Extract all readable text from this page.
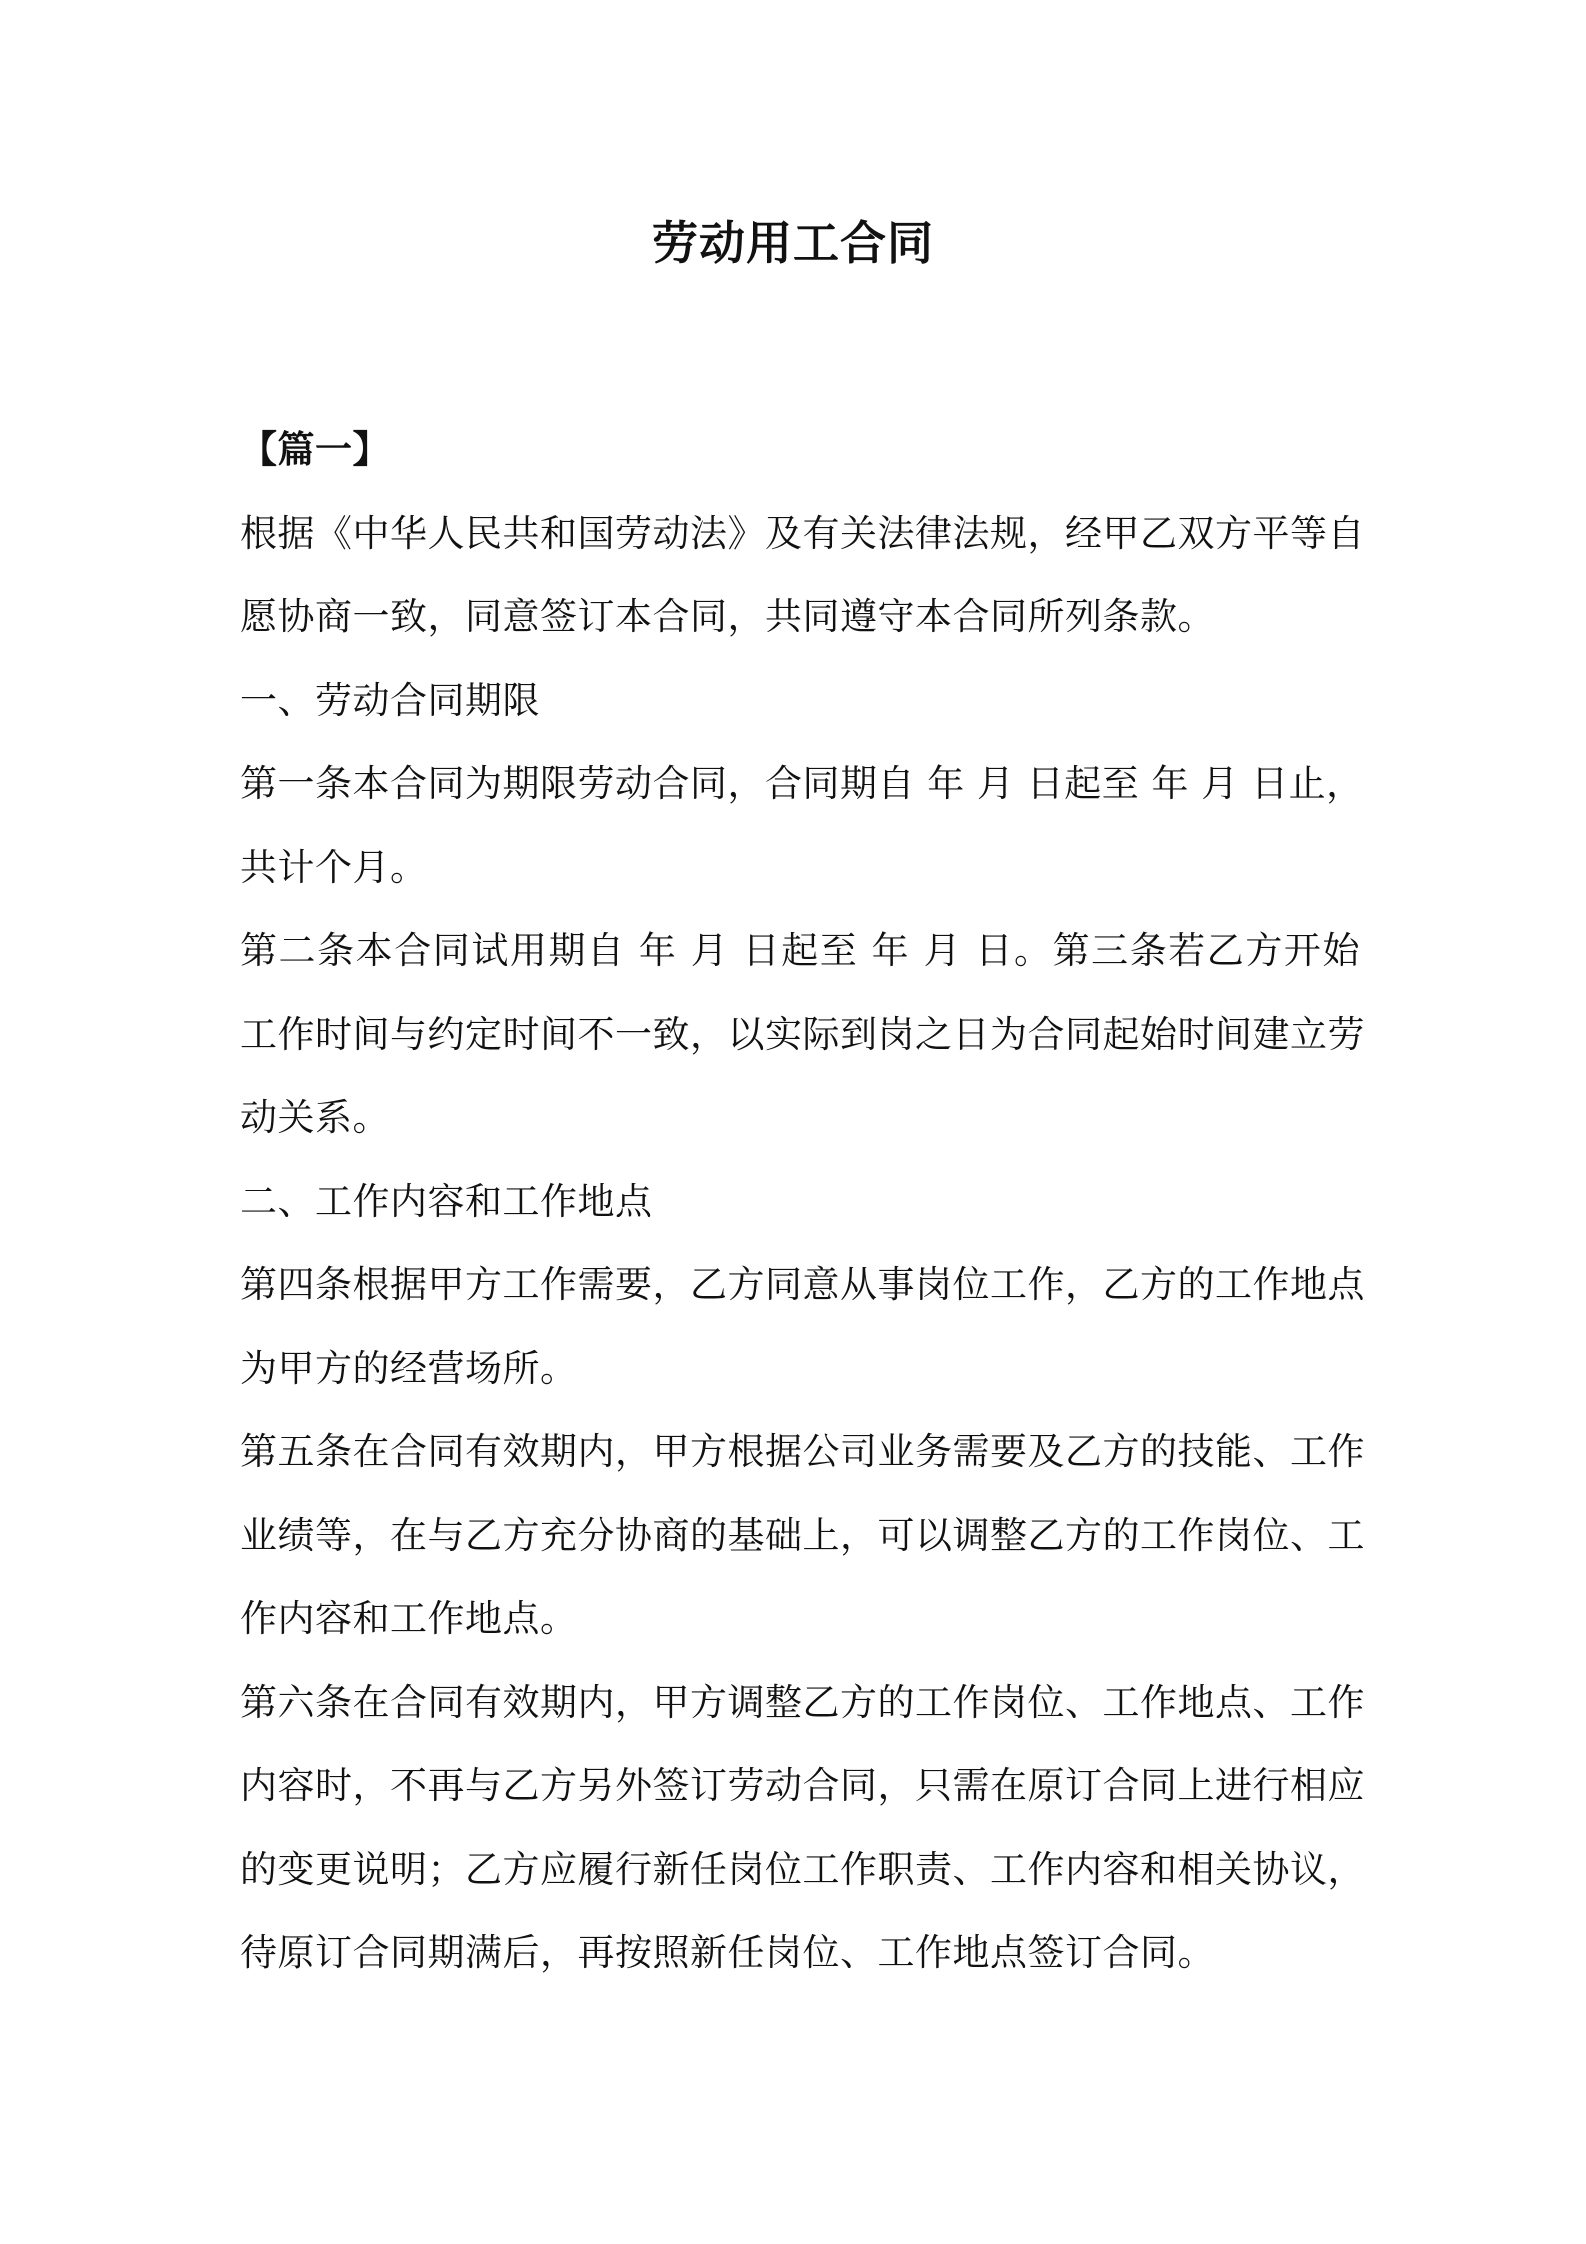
劳动用工合同

【篇一】

根据《中华人民共和国劳动法》及有关法律法规，经甲乙双方平等自

愿协商一致，同意签订本合同，共同遵守本合同所列条款。

一、劳动合同期限

第一条本合同为期限劳动合同，合同期自 年 月 日起至 年 月 日止，

共计个月。

第二条本合同试用期自 年 月 日起至 年 月 日。第三条若乙方开始

工作时间与约定时间不一致，以实际到岗之日为合同起始时间建立劳

动关系。

二、工作内容和工作地点

第四条根据甲方工作需要，乙方同意从事岗位工作，乙方的工作地点

为甲方的经营场所。

第五条在合同有效期内，甲方根据公司业务需要及乙方的技能、工作

业绩等，在与乙方充分协商的基础上，可以调整乙方的工作岗位、工

作内容和工作地点。

第六条在合同有效期内，甲方调整乙方的工作岗位、工作地点、工作

内容时，不再与乙方另外签订劳动合同，只需在原订合同上进行相应

的变更说明；乙方应履行新任岗位工作职责、工作内容和相关协议，

待原订合同期满后，再按照新任岗位、工作地点签订合同。
